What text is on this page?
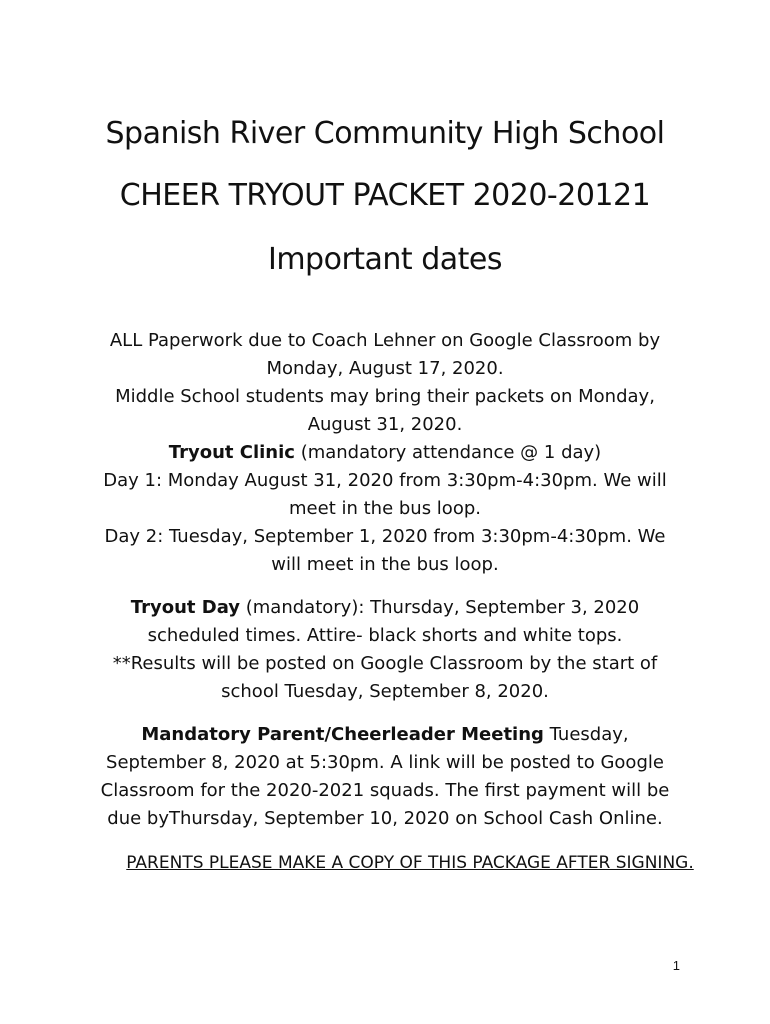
Spanish River Community High School
CHEER TRYOUT PACKET 2020-20121
Important dates
ALL Paperwork due to Coach Lehner on Google Classroom by Monday, August 17, 2020.
Middle School students may bring their packets on Monday, August 31, 2020.
Tryout Clinic (mandatory attendance @ 1 day)
Day 1: Monday August 31, 2020 from 3:30pm-4:30pm. We will meet in the bus loop.
Day 2: Tuesday, September 1, 2020 from 3:30pm-4:30pm. We will meet in the bus loop.
Tryout Day (mandatory): Thursday, September 3, 2020 scheduled times. Attire- black shorts and white tops.
**Results will be posted on Google Classroom by the start of school Tuesday, September 8, 2020.
Mandatory Parent/Cheerleader Meeting Tuesday, September 8, 2020 at 5:30pm. A link will be posted to Google Classroom for the 2020-2021 squads. The first payment will be due byThursday, September 10, 2020 on School Cash Online.
PARENTS PLEASE MAKE A COPY OF THIS PACKAGE AFTER SIGNING.
1
